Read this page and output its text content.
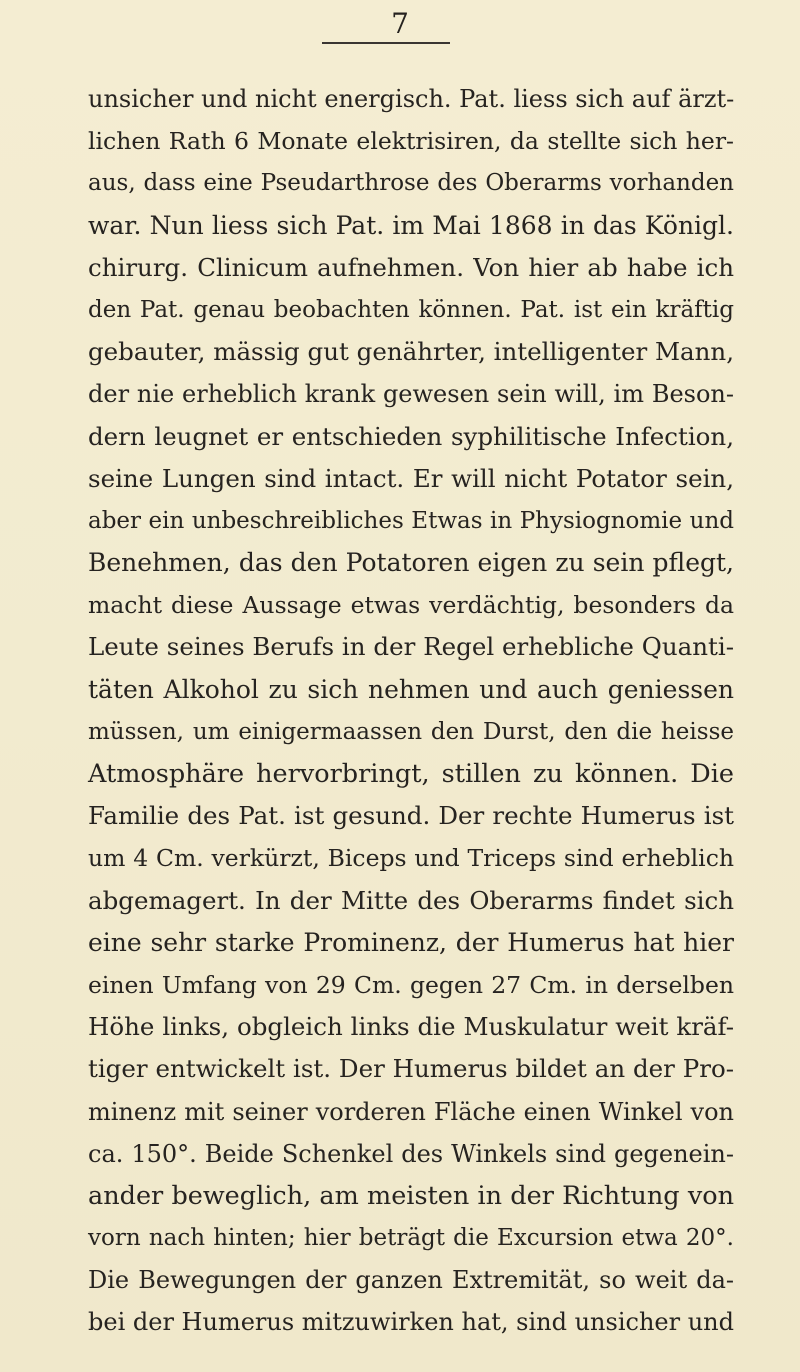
7
unsicher und nicht energisch. Pat. liess sich auf ärzt-
lichen Rath 6 Monate elektrisiren, da stellte sich her-
aus, dass eine Pseudarthrose des Oberarms vorhanden
war. Nun liess sich Pat. im Mai 1868 in das Königl.
chirurg. Clinicum aufnehmen. Von hier ab habe ich
den Pat. genau beobachten können. Pat. ist ein kräftig
gebauter, mässig gut genährter, intelligenter Mann,
der nie erheblich krank gewesen sein will, im Beson-
dern leugnet er entschieden syphilitische Infection,
seine Lungen sind intact. Er will nicht Potator sein,
aber ein unbeschreibliches Etwas in Physiognomie und
Benehmen, das den Potatoren eigen zu sein pflegt,
macht diese Aussage etwas verdächtig, besonders da
Leute seines Berufs in der Regel erhebliche Quanti-
täten Alkohol zu sich nehmen und auch geniessen
müssen, um einigermaassen den Durst, den die heisse
Atmosphäre hervorbringt, stillen zu können. Die
Familie des Pat. ist gesund. Der rechte Humerus ist
um 4 Cm. verkürzt, Biceps und Triceps sind erheblich
abgemagert. In der Mitte des Oberarms findet sich
eine sehr starke Prominenz, der Humerus hat hier
einen Umfang von 29 Cm. gegen 27 Cm. in derselben
Höhe links, obgleich links die Muskulatur weit kräf-
tiger entwickelt ist. Der Humerus bildet an der Pro-
minenz mit seiner vorderen Fläche einen Winkel von
ca. 150°. Beide Schenkel des Winkels sind gegenein-
ander beweglich, am meisten in der Richtung von
vorn nach hinten; hier beträgt die Excursion etwa 20°.
Die Bewegungen der ganzen Extremität, so weit da-
bei der Humerus mitzuwirken hat, sind unsicher und
